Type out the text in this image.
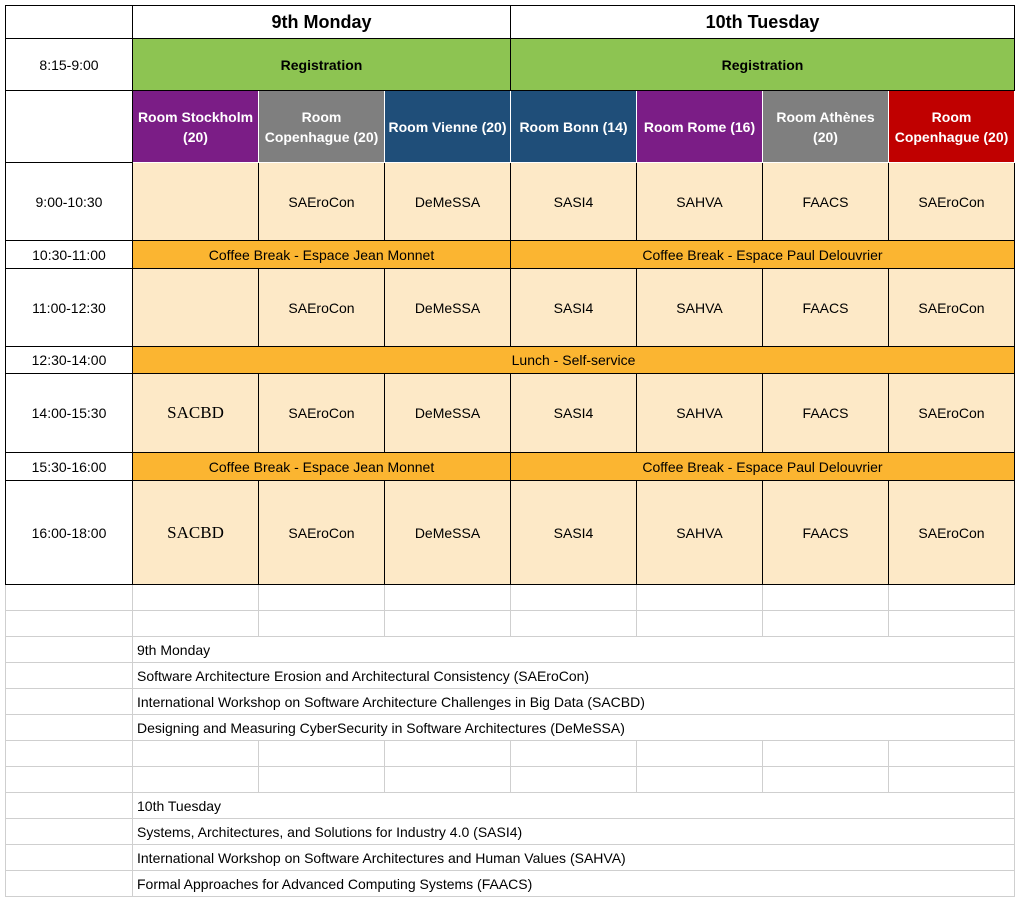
	9th Monday			10th Tuesday			
8:15-9:00	Registration			Registration			
	Room Stockholm (20)	Room Copenhague (20)	Room Vienne (20)	Room Bonn (14)	Room Rome (16)	Room Athènes (20)	Room Copenhague (20)
9:00-10:30		SAEroCon	DeMeSSA	SASI4	SAHVA	FAACS	SAEroCon
10:30-11:00	Coffee Break - Espace Jean Monnet			Coffee Break - Espace Paul Delouvrier			
11:00-12:30		SAEroCon	DeMeSSA	SASI4	SAHVA	FAACS	SAEroCon
12:30-14:00	Lunch - Self-service						
14:00-15:30	SACBD	SAEroCon	DeMeSSA	SASI4	SAHVA	FAACS	SAEroCon
15:30-16:00	Coffee Break - Espace Jean Monnet			Coffee Break - Espace Paul Delouvrier			
16:00-18:00	SACBD	SAEroCon	DeMeSSA	SASI4	SAHVA	FAACS	SAEroCon

	9th Monday						
	Software Architecture Erosion and Architectural Consistency (SAEroCon)						
	International Workshop on Software Architecture Challenges in Big Data (SACBD)						
	Designing and Measuring CyberSecurity in Software Architectures (DeMeSSA)						

	10th Tuesday						
	Systems, Architectures, and Solutions for Industry 4.0 (SASI4)						
	International Workshop on Software Architectures and Human Values (SAHVA)						
	Formal Approaches for Advanced Computing Systems (FAACS)						
